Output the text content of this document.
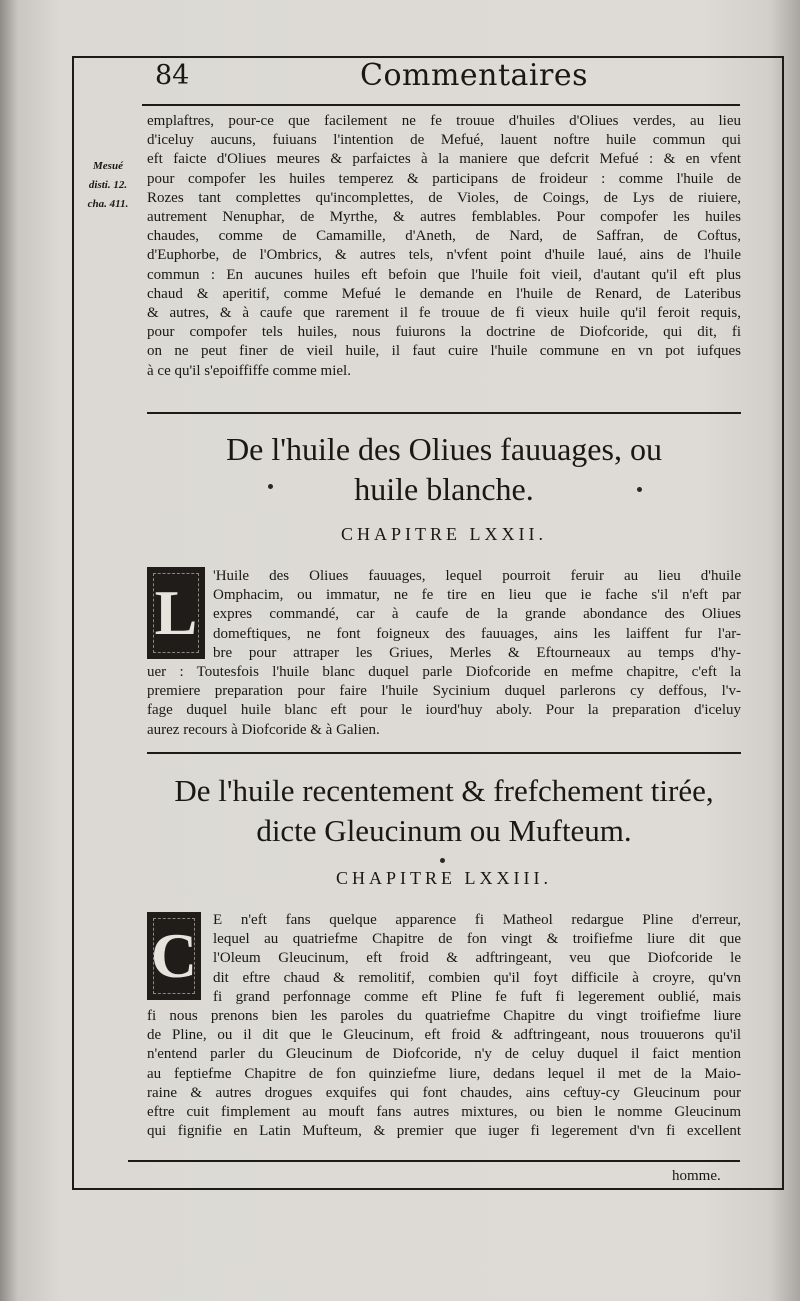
84	Commentaires
Mesué
disti. 12.
cha. 411.
emplaftres, pour-ce que facilement ne fe trouue d'huiles d'Oliues verdes, au lieu
d'iceluy aucuns, fuiuans l'intention de Mefué, lauent noftre huile commun qui
eft faicte d'Oliues meures & parfaictes à la maniere que defcrit Mefué : & en vfent
pour compofer les huiles temperez & participans de froideur : comme l'huile de
Rozes tant complettes qu'incomplettes, de Violes, de Coings, de Lys de riuiere,
autrement Nenuphar, de Myrthe, & autres femblables. Pour compofer les huiles
chaudes, comme de Camamille, d'Aneth, de Nard, de Saffran, de Coftus,
d'Euphorbe, de l'Ombrics, & autres tels, n'vfent point d'huile laué, ains de l'huile
commun : En aucunes huiles eft befoin que l'huile foit vieil, d'autant qu'il eft plus
chaud & aperitif, comme Mefué le demande en l'huile de Renard, de Lateribus
& autres, & à caufe que rarement il fe trouue de fi vieux huile qu'il feroit requis,
pour compofer tels huiles, nous fuiurons la doctrine de Diofcoride, qui dit, fi
on ne peut finer de vieil huile, il faut cuire l'huile commune en vn pot iufques
à ce qu'il s'epoiffiffe comme miel.
De l'huile des Oliues fauuages, ou
huile blanche.
CHAPITRE LXXII.
L
'Huile des Oliues fauuages, lequel pourroit feruir au lieu d'huile
Omphacim, ou immatur, ne fe tire en lieu que ie fache s'il n'eft par
expres commandé, car à caufe de la grande abondance des Oliues
domeftiques, ne font foigneux des fauuages, ains les laiffent fur l'ar-
bre pour attraper les Griues, Merles & Eftourneaux au temps d'hy-
uer : Toutesfois l'huile blanc duquel parle Diofcoride en mefme chapitre, c'eft la
premiere preparation pour faire l'huile Sycinium duquel parlerons cy deffous, l'v-
fage duquel huile blanc eft pour le iourd'huy aboly. Pour la preparation d'iceluy
aurez recours à Diofcoride & à Galien.
De l'huile recentement & frefchement tirée,
dicte Gleucinum ou Mufteum.
CHAPITRE LXXIII.
C	E n'eft fans quelque apparence fi Matheol redargue Pline d'erreur,
lequel au quatriefme Chapitre de fon vingt & troifiefme liure dit que
l'Oleum Gleucinum, eft froid & adftringeant, veu que Diofcoride le
dit eftre chaud & remolitif, combien qu'il foyt difficile à croyre, qu'vn
fi grand perfonnage comme eft Pline fe fuft fi legerement oublié, mais
fi nous prenons bien les paroles du quatriefme Chapitre du vingt troifiefme liure
de Pline, ou il dit que le Gleucinum, eft froid & adftringeant, nous trouuerons qu'il
n'entend parler du Gleucinum de Diofcoride, n'y de celuy duquel il faict mention
au feptiefme Chapitre de fon quinziefme liure, dedans lequel il met de la Maio-
raine & autres drogues exquifes qui font chaudes, ains ceftuy-cy Gleucinum pour
eftre cuit fimplement au mouft fans autres mixtures, ou bien le nomme Gleucinum
qui fignifie en Latin Mufteum, & premier que iuger fi legerement d'vn fi excellent
homme.
